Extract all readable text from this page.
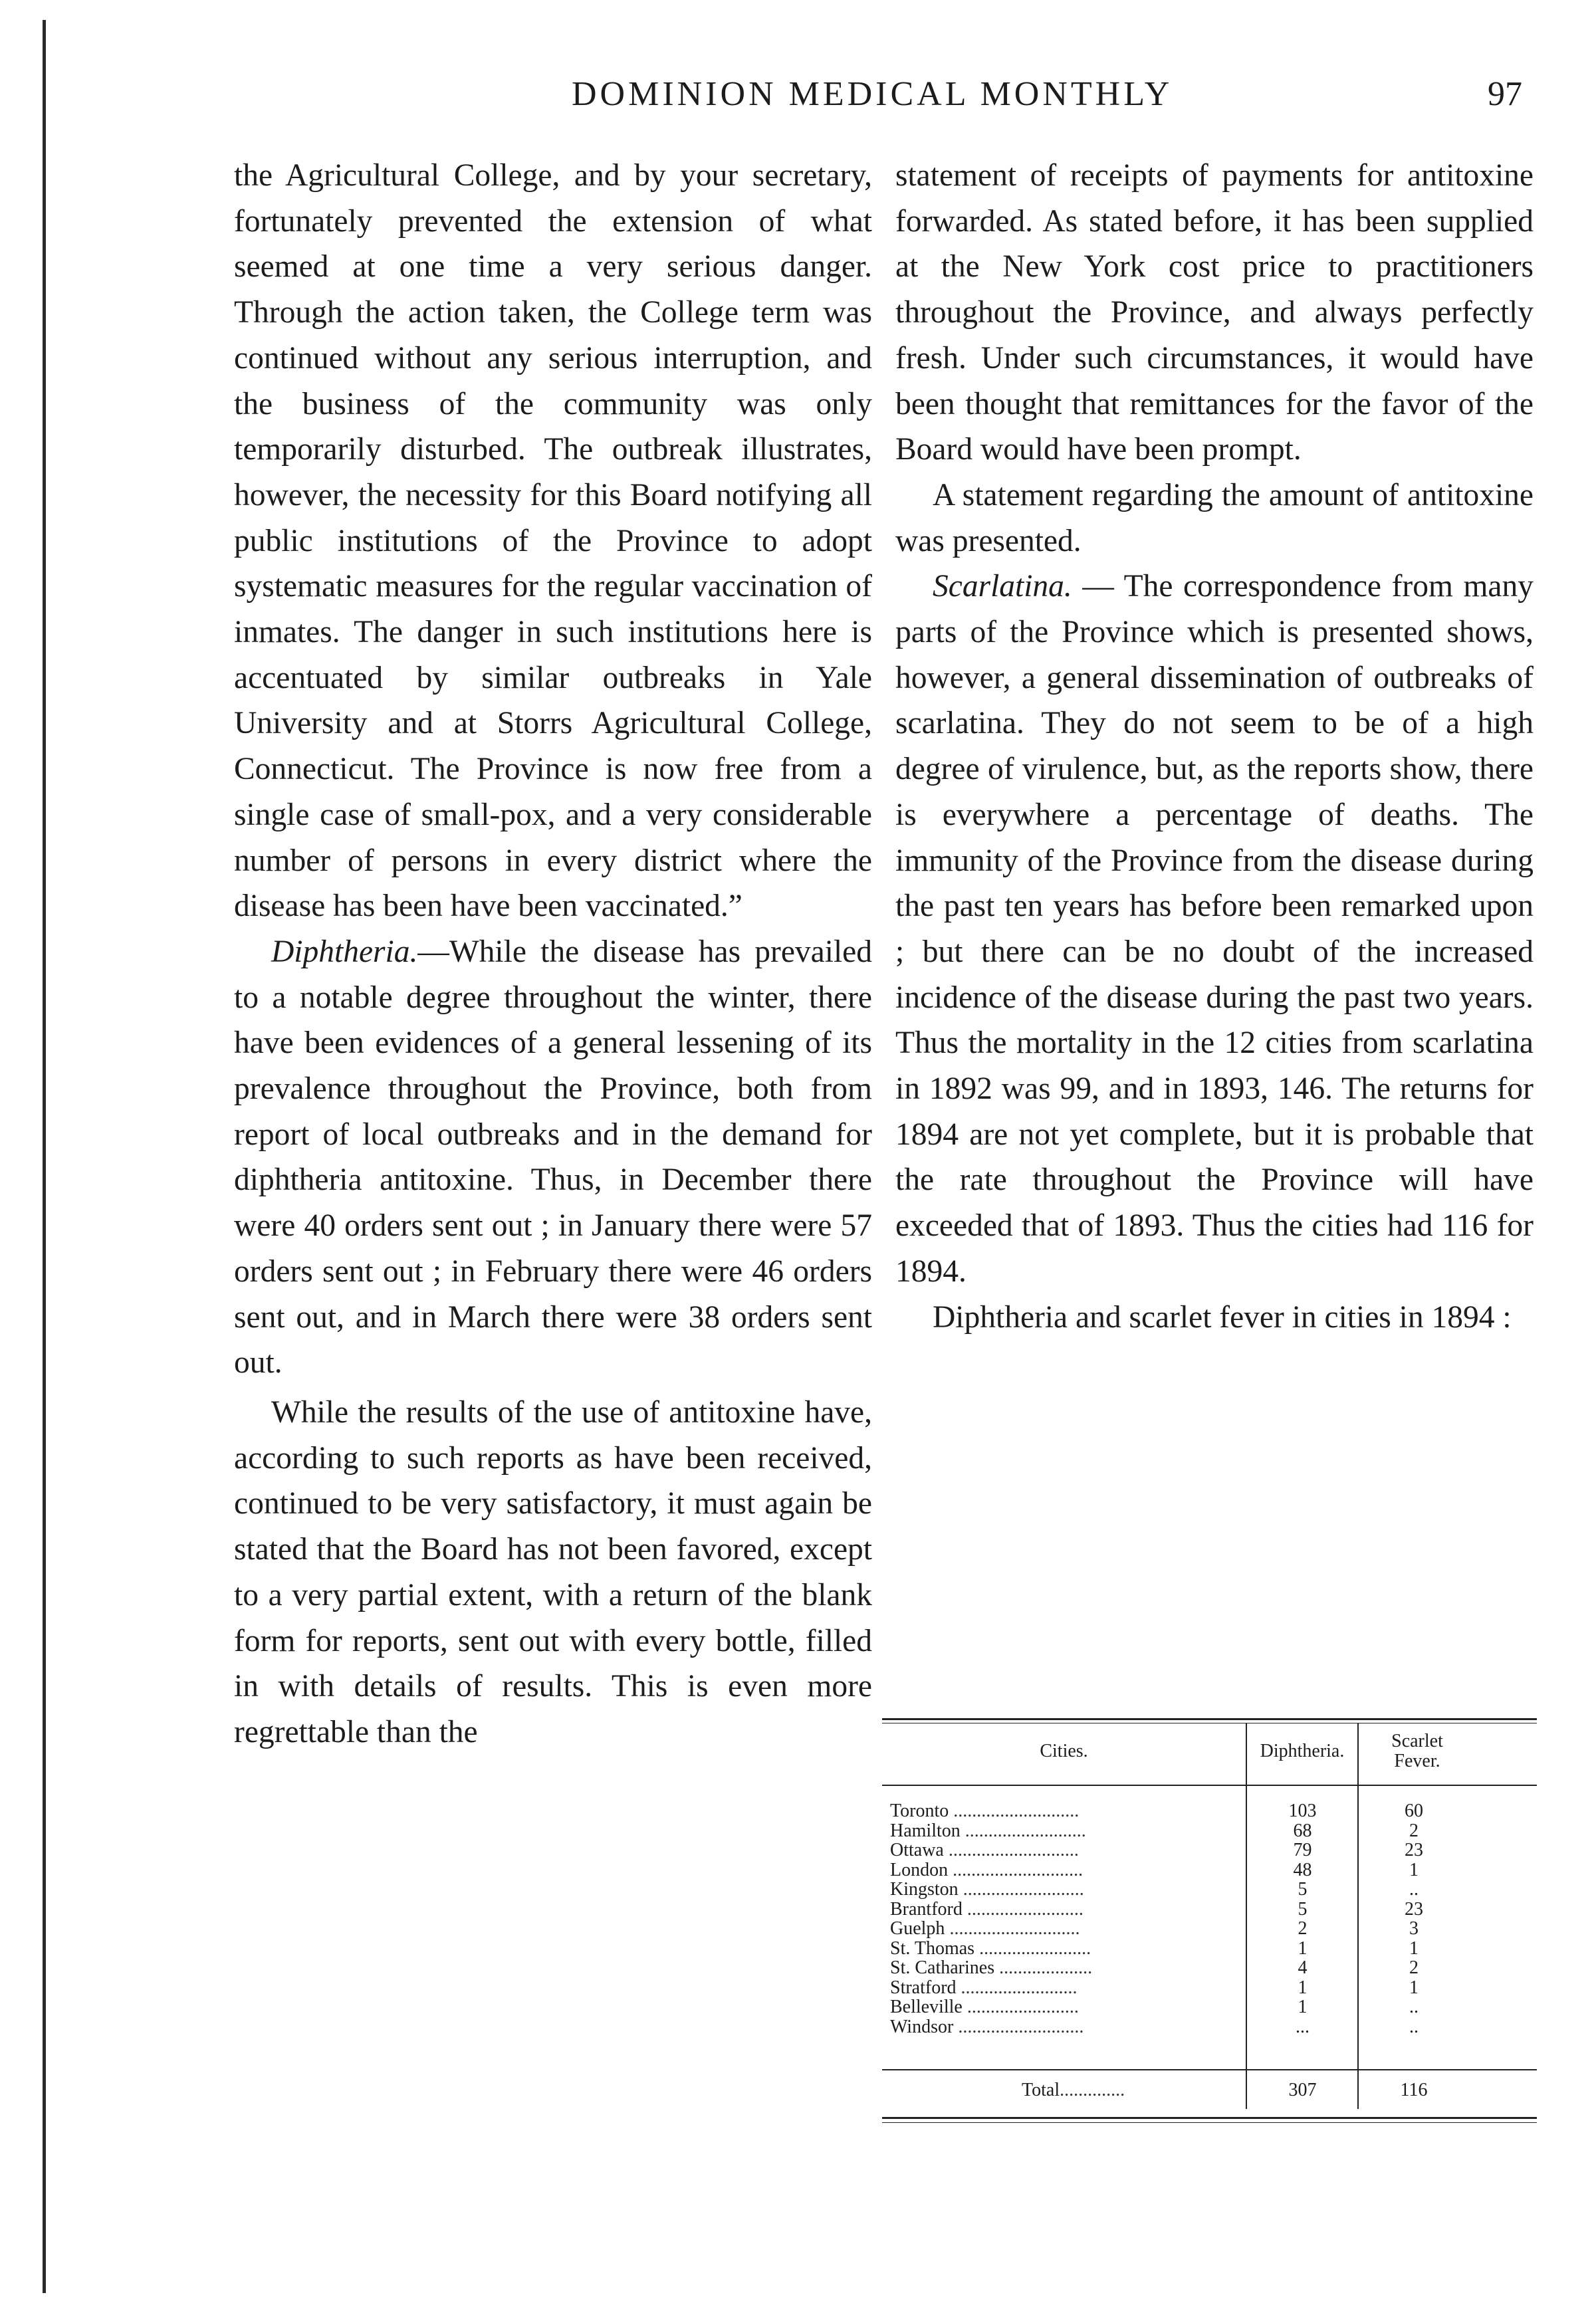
DOMINION MEDICAL MONTHLY	97

the Agricultural College, and by your secretary, fortunately prevented the extension of what seemed at one time a very serious danger. Through the action taken, the College term was continued without any serious interruption, and the business of the community was only temporarily disturbed. The outbreak illustrates, however, the necessity for this Board notifying all public institutions of the Province to adopt systematic measures for the regular vaccination of inmates. The danger in such institutions here is accentuated by similar outbreaks in Yale University and at Storrs Agricultural College, Connecticut. The Province is now free from a single case of small-pox, and a very considerable number of persons in every district where the disease has been have been vaccinated.”

Diphtheria.—While the disease has prevailed to a notable degree throughout the winter, there have been evidences of a general lessening of its prevalence throughout the Province, both from report of local outbreaks and in the demand for diphtheria antitoxine. Thus, in December there were 40 orders sent out ; in January there were 57 orders sent out ; in February there were 46 orders sent out, and in March there were 38 orders sent out.

While the results of the use of antitoxine have, according to such reports as have been received, continued to be very satisfactory, it must again be stated that the Board has not been favored, except to a very partial extent, with a return of the blank form for reports, sent out with every bottle, filled in with details of results. This is even more regrettable than the

statement of receipts of payments for antitoxine forwarded. As stated before, it has been supplied at the New York cost price to practitioners throughout the Province, and always perfectly fresh. Under such circumstances, it would have been thought that remittances for the favor of the Board would have been prompt.

A statement regarding the amount of antitoxine was presented.

Scarlatina. — The correspondence from many parts of the Province which is presented shows, however, a general dissemination of outbreaks of scarlatina. They do not seem to be of a high degree of virulence, but, as the reports show, there is everywhere a percentage of deaths. The immunity of the Province from the disease during the past ten years has before been remarked upon ; but there can be no doubt of the increased incidence of the disease during the past two years. Thus the mortality in the 12 cities from scarlatina in 1892 was 99, and in 1893, 146. The returns for 1894 are not yet complete, but it is probable that the rate throughout the Province will have exceeded that of 1893. Thus the cities had 116 for 1894.

Diphtheria and scarlet fever in cities in 1894 :

Cities.	Diphtheria.	Scarlet Fever.
Toronto ...........................	103	60
Hamilton ..........................	68	2
Ottawa ............................	79	23
London ............................	48	1
Kingston ..........................	5	..
Brantford .........................	5	23
Guelph ............................	2	3
St. Thomas ........................	1	1
St. Catharines ....................	4	2
Stratford .........................	1	1
Belleville ........................	1	..
Windsor ...........................	...	..
Total..............	307	116
